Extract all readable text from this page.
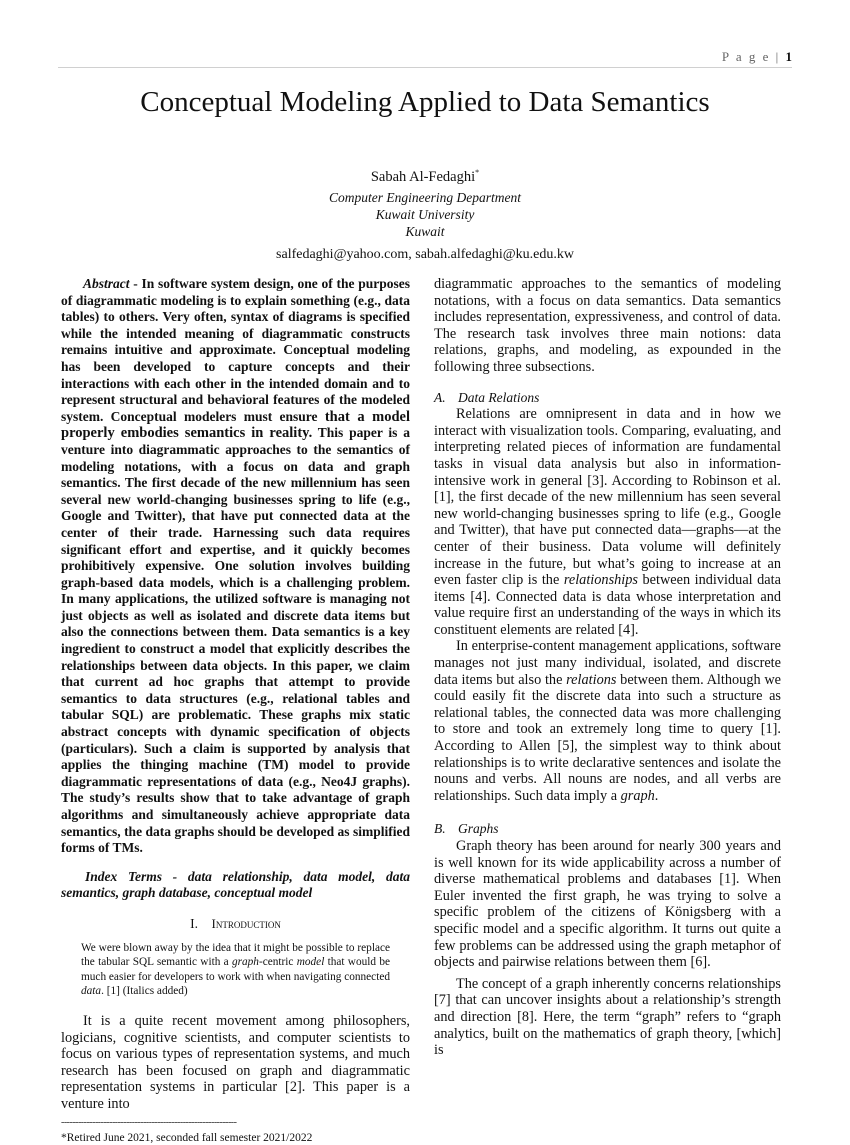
P a g e | 1
Conceptual Modeling Applied to Data Semantics
Sabah Al-Fedaghi*
Computer Engineering Department
Kuwait University
Kuwait
salfedaghi@yahoo.com, sabah.alfedaghi@ku.edu.kw

Abstract - In software system design, one of the purposes of diagrammatic modeling is to explain something (e.g., data tables) to others. Very often, syntax of diagrams is specified while the intended meaning of diagrammatic constructs remains intuitive and approximate. Conceptual modeling has been developed to capture concepts and their interactions with each other in the intended domain and to represent structural and behavioral features of the modeled system. Conceptual modelers must ensure that a model properly embodies semantics in reality. This paper is a venture into diagrammatic approaches to the semantics of modeling notations, with a focus on data and graph semantics. The first decade of the new millennium has seen several new world-changing businesses spring to life (e.g., Google and Twitter), that have put connected data at the center of their trade. Harnessing such data requires significant effort and expertise, and it quickly becomes prohibitively expensive. One solution involves building graph-based data models, which is a challenging problem. In many applications, the utilized software is managing not just objects as well as isolated and discrete data items but also the connections between them. Data semantics is a key ingredient to construct a model that explicitly describes the relationships between data objects. In this paper, we claim that current ad hoc graphs that attempt to provide semantics to data structures (e.g., relational tables and tabular SQL) are problematic. These graphs mix static abstract concepts with dynamic specification of objects (particulars). Such a claim is supported by analysis that applies the thinging machine (TM) model to provide diagrammatic representations of data (e.g., Neo4J graphs). The study’s results show that to take advantage of graph algorithms and simultaneously achieve appropriate data semantics, the data graphs should be developed as simplified forms of TMs.

Index Terms - data relationship, data model, data semantics, graph database, conceptual model

I. Introduction

We were blown away by the idea that it might be possible to replace the tabular SQL semantic with a graph-centric model that would be much easier for developers to work with when navigating connected data. [1] (Italics added)

It is a quite recent movement among philosophers, logicians, cognitive scientists, and computer scientists to focus on various types of representation systems, and much research has been focused on graph and diagrammatic representation systems in particular [2]. This paper is a venture into

--------------------------------------------------------------

*Retired June 2021, seconded fall semester 2021/2022

diagrammatic approaches to the semantics of modeling notations, with a focus on data semantics. Data semantics includes representation, expressiveness, and control of data. The research task involves three main notions: data relations, graphs, and modeling, as expounded in the following three subsections.

A. Data Relations

Relations are omnipresent in data and in how we interact with visualization tools. Comparing, evaluating, and interpreting related pieces of information are fundamental tasks in visual data analysis but also in information-intensive work in general [3]. According to Robinson et al. [1], the first decade of the new millennium has seen several new world-changing businesses spring to life (e.g., Google and Twitter), that have put connected data—graphs—at the center of their business. Data volume will definitely increase in the future, but what’s going to increase at an even faster clip is the relationships between individual data items [4]. Connected data is data whose interpretation and value require first an understanding of the ways in which its constituent elements are related [4].

In enterprise-content management applications, software manages not just many individual, isolated, and discrete data items but also the relations between them. Although we could easily fit the discrete data into such a structure as relational tables, the connected data was more challenging to store and took an extremely long time to query [1]. According to Allen [5], the simplest way to think about relationships is to write declarative sentences and isolate the nouns and verbs. All nouns are nodes, and all verbs are relationships. Such data imply a graph.

B. Graphs

Graph theory has been around for nearly 300 years and is well known for its wide applicability across a number of diverse mathematical problems and databases [1]. When Euler invented the first graph, he was trying to solve a specific problem of the citizens of Königsberg with a specific model and a specific algorithm. It turns out quite a few problems can be addressed using the graph metaphor of objects and pairwise relations between them [6].

The concept of a graph inherently concerns relationships [7] that can uncover insights about a relationship’s strength and direction [8]. Here, the term “graph” refers to “graph analytics, built on the mathematics of graph theory, [which] is
